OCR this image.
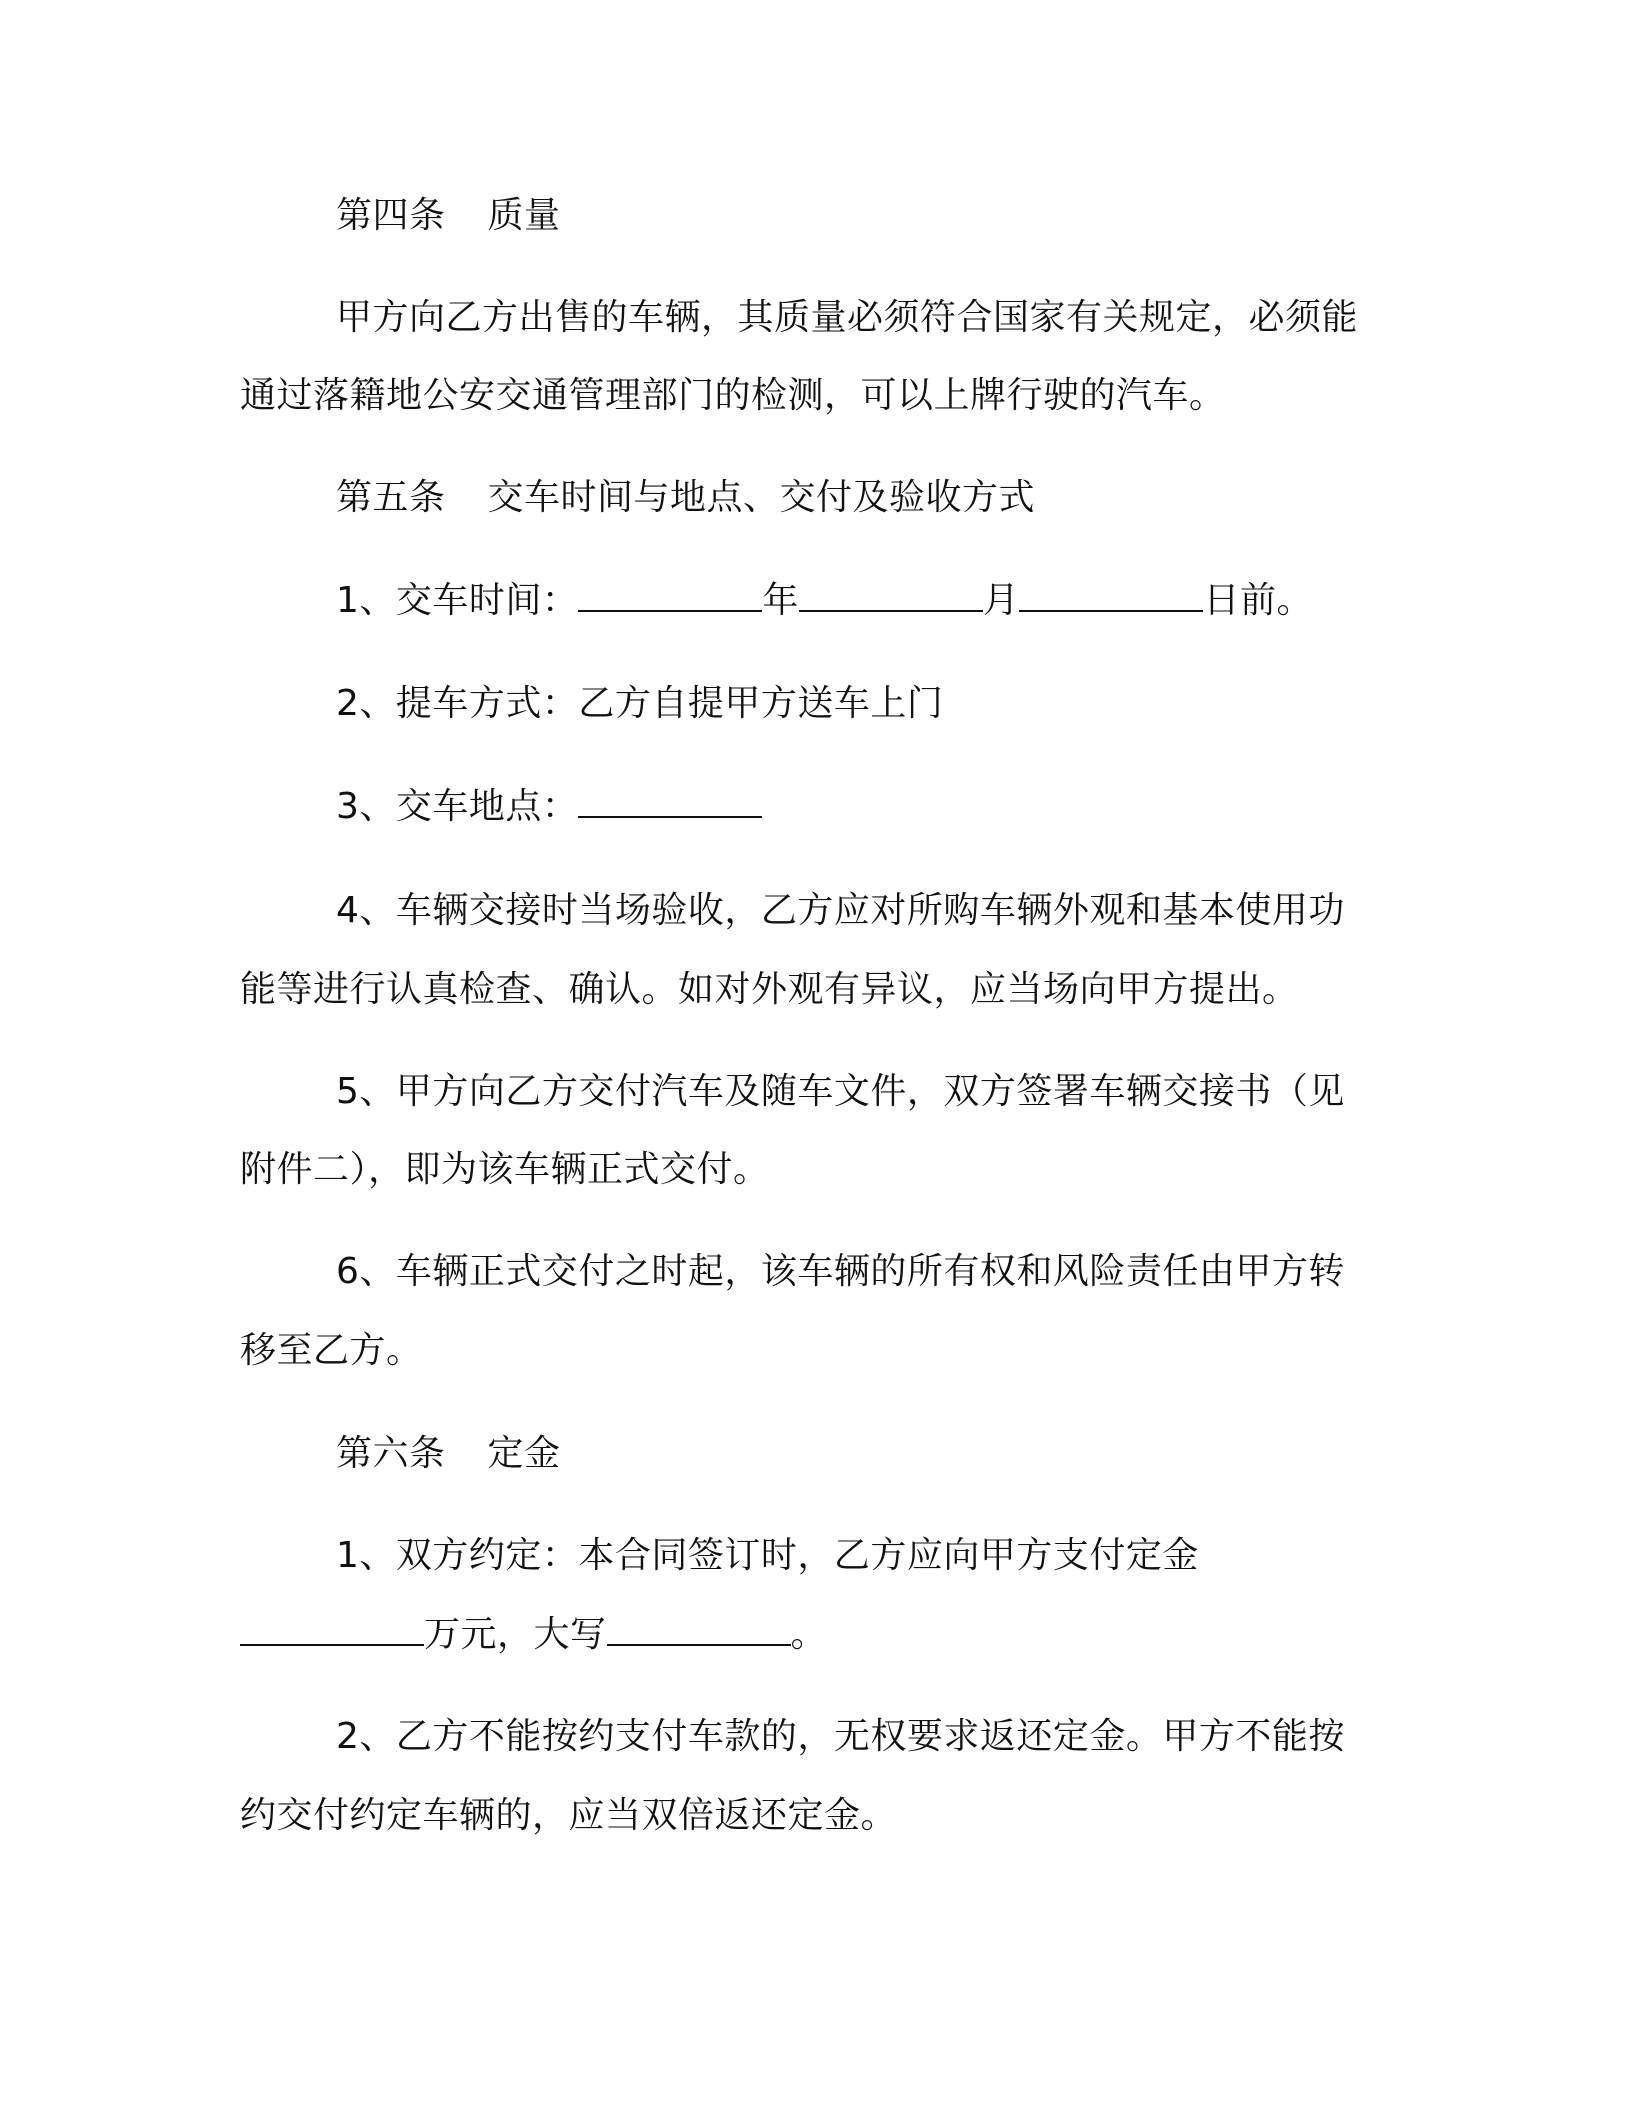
第四条 质量
甲方向乙方出售的车辆，其质量必须符合国家有关规定，必须能
通过落籍地公安交通管理部门的检测，可以上牌行驶的汽车。
第五条 交车时间与地点、交付及验收方式
1、交车时间：	年	月	日前。
2、提车方式：乙方自提甲方送车上门
3、交车地点：
4、车辆交接时当场验收，乙方应对所购车辆外观和基本使用功
能等进行认真检查、确认。如对外观有异议，应当场向甲方提出。
5、甲方向乙方交付汽车及随车文件，双方签署车辆交接书（见
附件二），即为该车辆正式交付。
6、车辆正式交付之时起，该车辆的所有权和风险责任由甲方转
移至乙方。
第六条 定金
1、双方约定：本合同签订时，乙方应向甲方支付定金
万元，大写	。
2、乙方不能按约支付车款的，无权要求返还定金。甲方不能按
约交付约定车辆的，应当双倍返还定金。
